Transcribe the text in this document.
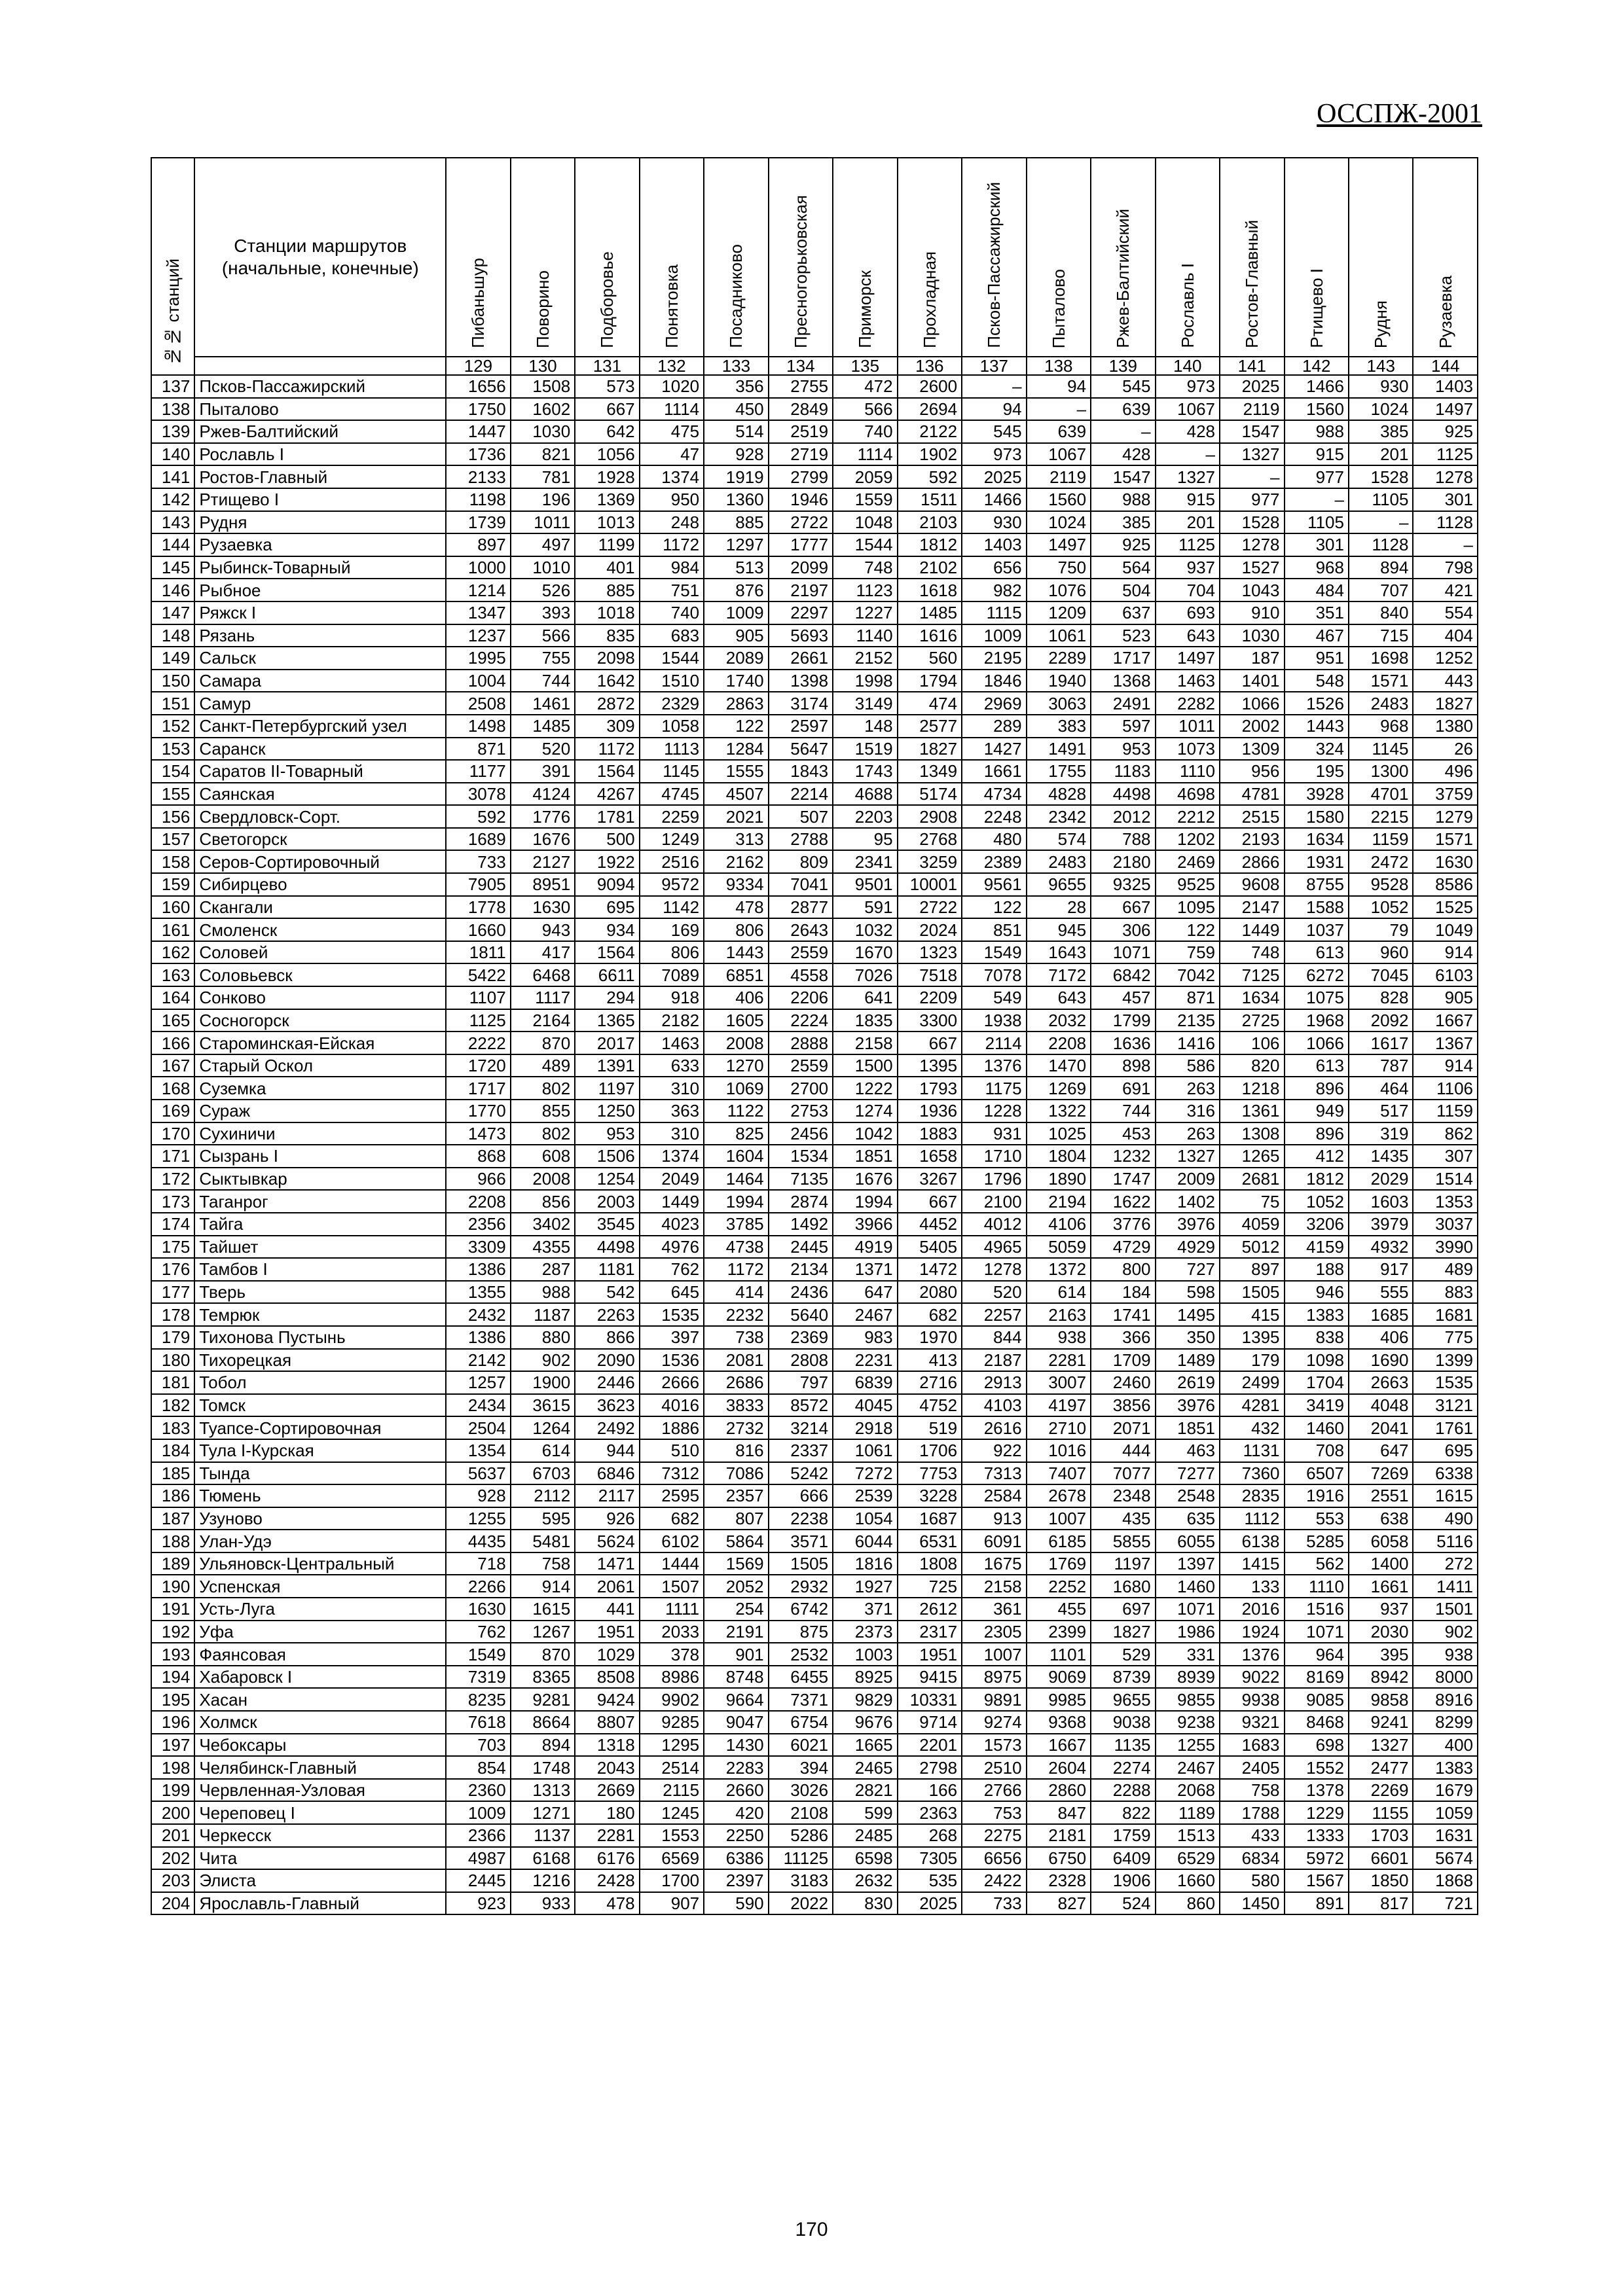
ОССПЖ-2001
№№ станций	Станции маршрутов (начальные, конечные)	Пибаньшур	Поворино	Подборовье	Понятовка	Посадниково	Пресногорьковская	Приморск	Прохладная	Псков-Пассажирский	Пыталово	Ржев-Балтийский	Рославль I	Ростов-Главный	Ртищево I	Рудня	Рузаевка
		129	130	131	132	133	134	135	136	137	138	139	140	141	142	143	144
137	Псков-Пассажирский	1656	1508	573	1020	356	2755	472	2600	–	94	545	973	2025	1466	930	1403
138	Пыталово	1750	1602	667	1114	450	2849	566	2694	94	–	639	1067	2119	1560	1024	1497
139	Ржев-Балтийский	1447	1030	642	475	514	2519	740	2122	545	639	–	428	1547	988	385	925
140	Рославль I	1736	821	1056	47	928	2719	1114	1902	973	1067	428	–	1327	915	201	1125
141	Ростов-Главный	2133	781	1928	1374	1919	2799	2059	592	2025	2119	1547	1327	–	977	1528	1278
142	Ртищево I	1198	196	1369	950	1360	1946	1559	1511	1466	1560	988	915	977	–	1105	301
143	Рудня	1739	1011	1013	248	885	2722	1048	2103	930	1024	385	201	1528	1105	–	1128
144	Рузаевка	897	497	1199	1172	1297	1777	1544	1812	1403	1497	925	1125	1278	301	1128	–
145	Рыбинск-Товарный	1000	1010	401	984	513	2099	748	2102	656	750	564	937	1527	968	894	798
146	Рыбное	1214	526	885	751	876	2197	1123	1618	982	1076	504	704	1043	484	707	421
147	Ряжск I	1347	393	1018	740	1009	2297	1227	1485	1115	1209	637	693	910	351	840	554
148	Рязань	1237	566	835	683	905	5693	1140	1616	1009	1061	523	643	1030	467	715	404
149	Сальск	1995	755	2098	1544	2089	2661	2152	560	2195	2289	1717	1497	187	951	1698	1252
150	Самара	1004	744	1642	1510	1740	1398	1998	1794	1846	1940	1368	1463	1401	548	1571	443
151	Самур	2508	1461	2872	2329	2863	3174	3149	474	2969	3063	2491	2282	1066	1526	2483	1827
152	Санкт-Петербургский узел	1498	1485	309	1058	122	2597	148	2577	289	383	597	1011	2002	1443	968	1380
153	Саранск	871	520	1172	1113	1284	5647	1519	1827	1427	1491	953	1073	1309	324	1145	26
154	Саратов II-Товарный	1177	391	1564	1145	1555	1843	1743	1349	1661	1755	1183	1110	956	195	1300	496
155	Саянская	3078	4124	4267	4745	4507	2214	4688	5174	4734	4828	4498	4698	4781	3928	4701	3759
156	Свердловск-Сорт.	592	1776	1781	2259	2021	507	2203	2908	2248	2342	2012	2212	2515	1580	2215	1279
157	Светогорск	1689	1676	500	1249	313	2788	95	2768	480	574	788	1202	2193	1634	1159	1571
158	Серов-Сортировочный	733	2127	1922	2516	2162	809	2341	3259	2389	2483	2180	2469	2866	1931	2472	1630
159	Сибирцево	7905	8951	9094	9572	9334	7041	9501	10001	9561	9655	9325	9525	9608	8755	9528	8586
160	Скангали	1778	1630	695	1142	478	2877	591	2722	122	28	667	1095	2147	1588	1052	1525
161	Смоленск	1660	943	934	169	806	2643	1032	2024	851	945	306	122	1449	1037	79	1049
162	Соловей	1811	417	1564	806	1443	2559	1670	1323	1549	1643	1071	759	748	613	960	914
163	Соловьевск	5422	6468	6611	7089	6851	4558	7026	7518	7078	7172	6842	7042	7125	6272	7045	6103
164	Сонково	1107	1117	294	918	406	2206	641	2209	549	643	457	871	1634	1075	828	905
165	Сосногорск	1125	2164	1365	2182	1605	2224	1835	3300	1938	2032	1799	2135	2725	1968	2092	1667
166	Староминская-Ейская	2222	870	2017	1463	2008	2888	2158	667	2114	2208	1636	1416	106	1066	1617	1367
167	Старый Оскол	1720	489	1391	633	1270	2559	1500	1395	1376	1470	898	586	820	613	787	914
168	Суземка	1717	802	1197	310	1069	2700	1222	1793	1175	1269	691	263	1218	896	464	1106
169	Сураж	1770	855	1250	363	1122	2753	1274	1936	1228	1322	744	316	1361	949	517	1159
170	Сухиничи	1473	802	953	310	825	2456	1042	1883	931	1025	453	263	1308	896	319	862
171	Сызрань I	868	608	1506	1374	1604	1534	1851	1658	1710	1804	1232	1327	1265	412	1435	307
172	Сыктывкар	966	2008	1254	2049	1464	7135	1676	3267	1796	1890	1747	2009	2681	1812	2029	1514
173	Таганрог	2208	856	2003	1449	1994	2874	1994	667	2100	2194	1622	1402	75	1052	1603	1353
174	Тайга	2356	3402	3545	4023	3785	1492	3966	4452	4012	4106	3776	3976	4059	3206	3979	3037
175	Тайшет	3309	4355	4498	4976	4738	2445	4919	5405	4965	5059	4729	4929	5012	4159	4932	3990
176	Тамбов I	1386	287	1181	762	1172	2134	1371	1472	1278	1372	800	727	897	188	917	489
177	Тверь	1355	988	542	645	414	2436	647	2080	520	614	184	598	1505	946	555	883
178	Темрюк	2432	1187	2263	1535	2232	5640	2467	682	2257	2163	1741	1495	415	1383	1685	1681
179	Тихонова Пустынь	1386	880	866	397	738	2369	983	1970	844	938	366	350	1395	838	406	775
180	Тихорецкая	2142	902	2090	1536	2081	2808	2231	413	2187	2281	1709	1489	179	1098	1690	1399
181	Тобол	1257	1900	2446	2666	2686	797	6839	2716	2913	3007	2460	2619	2499	1704	2663	1535
182	Томск	2434	3615	3623	4016	3833	8572	4045	4752	4103	4197	3856	3976	4281	3419	4048	3121
183	Туапсе-Сортировочная	2504	1264	2492	1886	2732	3214	2918	519	2616	2710	2071	1851	432	1460	2041	1761
184	Тула I-Курская	1354	614	944	510	816	2337	1061	1706	922	1016	444	463	1131	708	647	695
185	Тында	5637	6703	6846	7312	7086	5242	7272	7753	7313	7407	7077	7277	7360	6507	7269	6338
186	Тюмень	928	2112	2117	2595	2357	666	2539	3228	2584	2678	2348	2548	2835	1916	2551	1615
187	Узуново	1255	595	926	682	807	2238	1054	1687	913	1007	435	635	1112	553	638	490
188	Улан-Удэ	4435	5481	5624	6102	5864	3571	6044	6531	6091	6185	5855	6055	6138	5285	6058	5116
189	Ульяновск-Центральный	718	758	1471	1444	1569	1505	1816	1808	1675	1769	1197	1397	1415	562	1400	272
190	Успенская	2266	914	2061	1507	2052	2932	1927	725	2158	2252	1680	1460	133	1110	1661	1411
191	Усть-Луга	1630	1615	441	1111	254	6742	371	2612	361	455	697	1071	2016	1516	937	1501
192	Уфа	762	1267	1951	2033	2191	875	2373	2317	2305	2399	1827	1986	1924	1071	2030	902
193	Фаянсовая	1549	870	1029	378	901	2532	1003	1951	1007	1101	529	331	1376	964	395	938
194	Хабаровск I	7319	8365	8508	8986	8748	6455	8925	9415	8975	9069	8739	8939	9022	8169	8942	8000
195	Хасан	8235	9281	9424	9902	9664	7371	9829	10331	9891	9985	9655	9855	9938	9085	9858	8916
196	Холмск	7618	8664	8807	9285	9047	6754	9676	9714	9274	9368	9038	9238	9321	8468	9241	8299
197	Чебоксары	703	894	1318	1295	1430	6021	1665	2201	1573	1667	1135	1255	1683	698	1327	400
198	Челябинск-Главный	854	1748	2043	2514	2283	394	2465	2798	2510	2604	2274	2467	2405	1552	2477	1383
199	Червленная-Узловая	2360	1313	2669	2115	2660	3026	2821	166	2766	2860	2288	2068	758	1378	2269	1679
200	Череповец I	1009	1271	180	1245	420	2108	599	2363	753	847	822	1189	1788	1229	1155	1059
201	Черкесск	2366	1137	2281	1553	2250	5286	2485	268	2275	2181	1759	1513	433	1333	1703	1631
202	Чита	4987	6168	6176	6569	6386	11125	6598	7305	6656	6750	6409	6529	6834	5972	6601	5674
203	Элиста	2445	1216	2428	1700	2397	3183	2632	535	2422	2328	1906	1660	580	1567	1850	1868
204	Ярославль-Главный	923	933	478	907	590	2022	830	2025	733	827	524	860	1450	891	817	721
170
